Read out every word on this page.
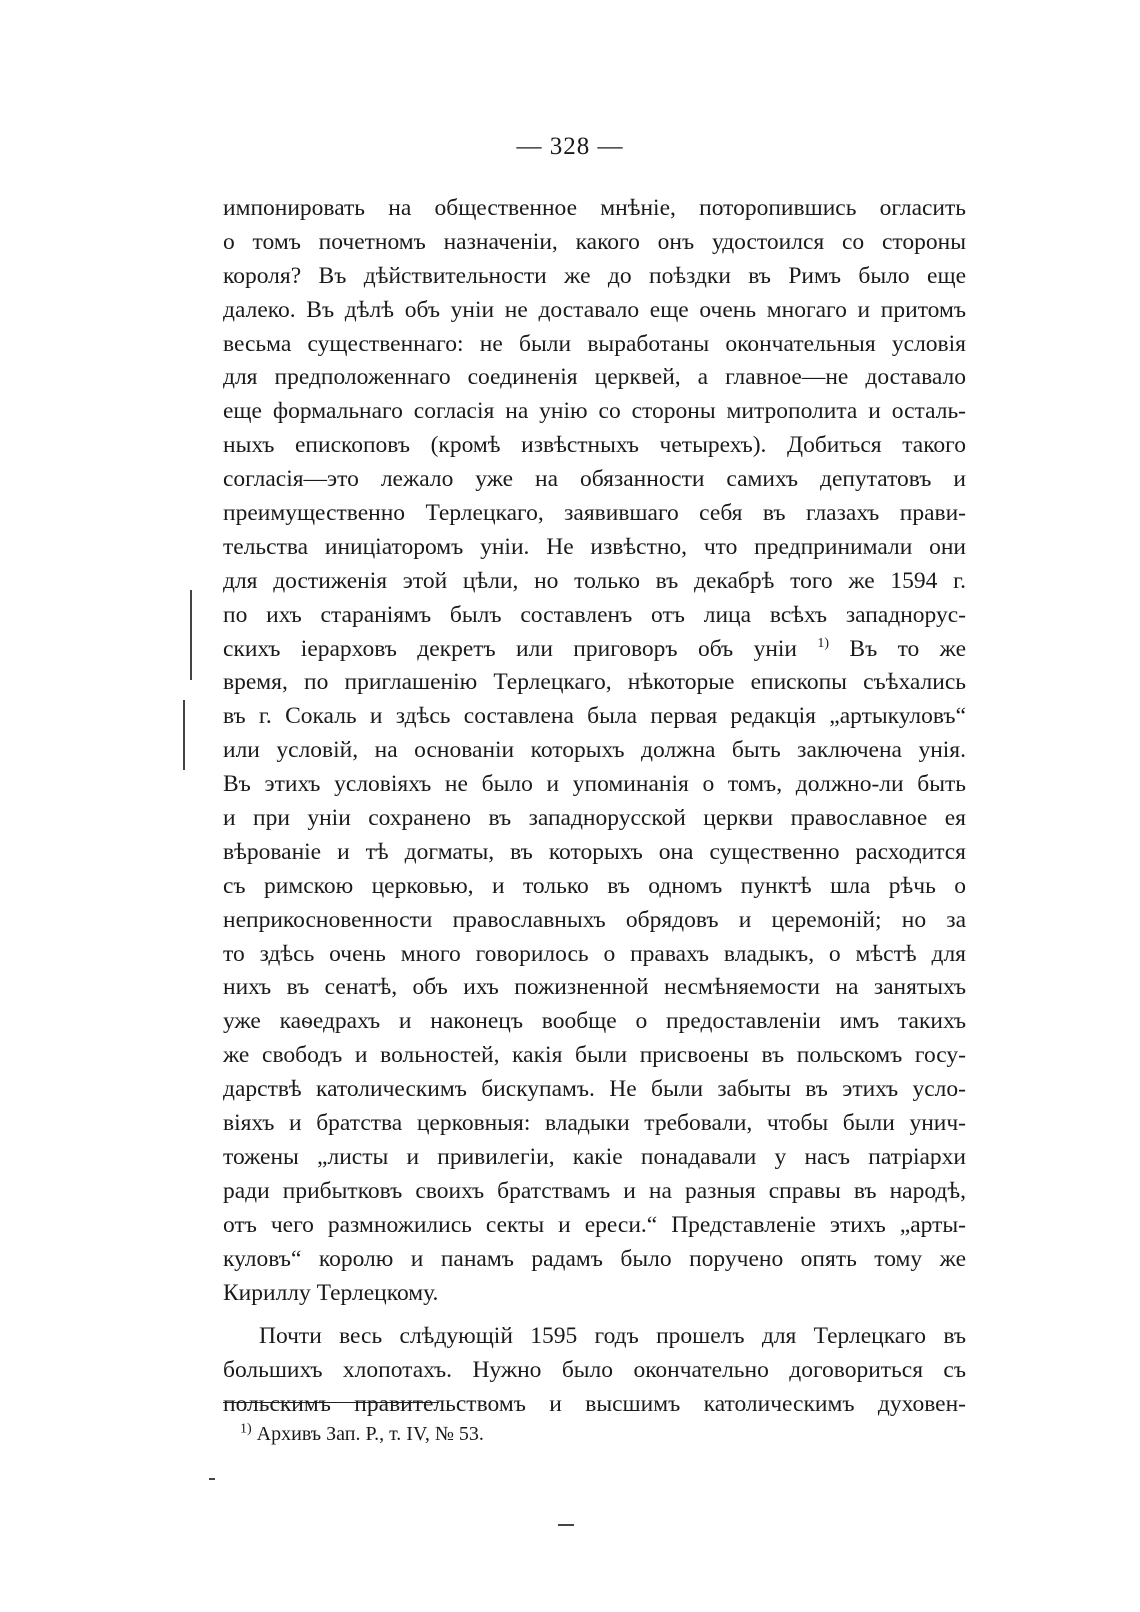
— 328 —
импонировать на общественное мнѣніе, поторопившись огласить
о томъ почетномъ назначеніи, какого онъ удостоился со стороны
короля? Въ дѣйствительности же до поѣздки въ Римъ было еще
далеко. Въ дѣлѣ объ уніи не доставало еще очень многаго и притомъ
весьма существеннаго: не были выработаны окончательныя условія
для предположеннаго соединенія церквей, а главное—не доставало
еще формальнаго согласія на унію со стороны митрополита и осталь-
ныхъ епископовъ (кромѣ извѣстныхъ четырехъ). Добиться такого
согласія—это лежало уже на обязанности самихъ депутатовъ и
преимущественно Терлецкаго, заявившаго себя въ глазахъ прави-
тельства иниціаторомъ уніи. Не извѣстно, что предпринимали они
для достиженія этой цѣли, но только въ декабрѣ того же 1594 г.
по ихъ стараніямъ былъ составленъ отъ лица всѣхъ западнорус-
скихъ іерарховъ декретъ или приговоръ объ уніи $^{1)}$ Въ то же
время, по приглашенію Терлецкаго, нѣкоторые епископы съѣхались
въ г. Сокаль и здѣсь составлена была первая редакція „артыкуловъ“
или условій, на основаніи которыхъ должна быть заключена унія.
Въ этихъ условіяхъ не было и упоминанія о томъ, должно-ли быть
и при уніи сохранено въ западнорусской церкви православное ея
вѣрованіе и тѣ догматы, въ которыхъ она существенно расходится
съ римскою церковью, и только въ одномъ пунктѣ шла рѣчь о
неприкосновенности православныхъ обрядовъ и церемоній; но за
то здѣсь очень много говорилось о правахъ владыкъ, о мѣстѣ для
нихъ въ сенатѣ, объ ихъ пожизненной несмѣняемости на занятыхъ
уже каѳедрахъ и наконецъ вообще о предоставленіи имъ такихъ
же свободъ и вольностей, какія были присвоены въ польскомъ госу-
дарствѣ католическимъ бискупамъ. Не были забыты въ этихъ усло-
віяхъ и братства церковныя: владыки требовали, чтобы были унич-
тожены „листы и привилегіи, какіе понадавали у насъ патріархи
ради прибытковъ своихъ братствамъ и на разныя справы въ народѣ,
отъ чего размножились секты и ереси.“ Представленіе этихъ „арты-
куловъ“ королю и панамъ радамъ было поручено опять тому же
Кириллу Терлецкому.
Почти весь слѣдующій 1595 годъ прошелъ для Терлецкаго въ
большихъ хлопотахъ. Нужно было окончательно договориться съ
польскимъ правительствомъ и высшимъ католическимъ духовен-
$^{1)}$ Архивъ Зап. Р., т. IV, № 53.
